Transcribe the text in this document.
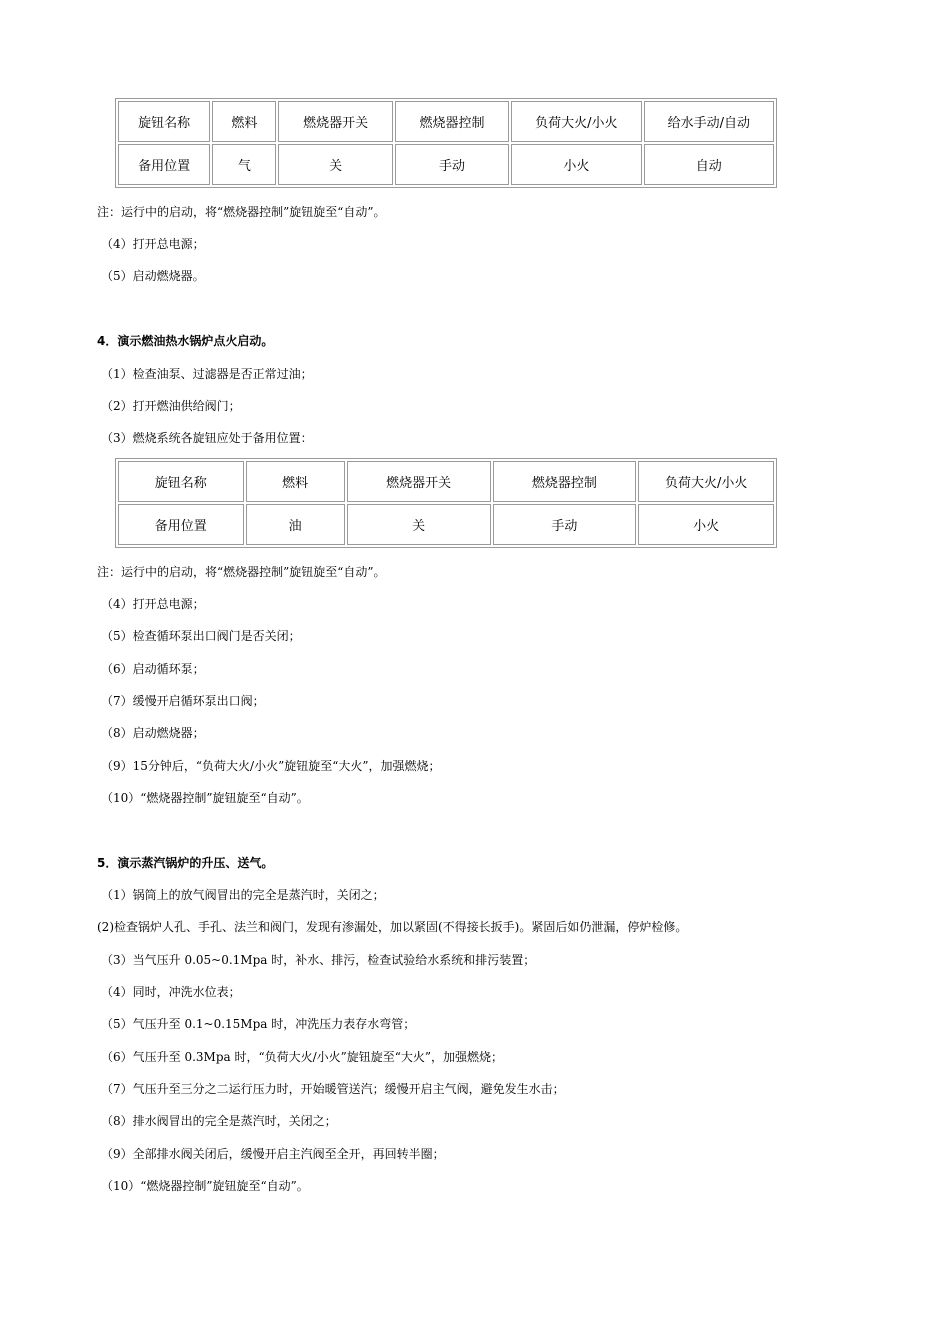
旋钮名称	燃料	燃烧器开关	燃烧器控制	负荷大火/小火	给水手动/自动
备用位置	气	关	手动	小火	自动
注：运行中的启动，将“燃烧器控制”旋钮旋至“自动”。
（4）打开总电源；
（5）启动燃烧器。
4．演示燃油热水锅炉点火启动。
（1）检查油泵、过滤器是否正常过油；
（2）打开燃油供给阀门；
（3）燃烧系统各旋钮应处于备用位置：
旋钮名称	燃料	燃烧器开关	燃烧器控制	负荷大火/小火
备用位置	油	关	手动	小火
注：运行中的启动，将“燃烧器控制”旋钮旋至“自动”。
（4）打开总电源；
（5）检查循环泵出口阀门是否关闭；
（6）启动循环泵；
（7）缓慢开启循环泵出口阀；
（8）启动燃烧器；
（9）15分钟后，“负荷大火/小火”旋钮旋至“大火”，加强燃烧；
（10）“燃烧器控制”旋钮旋至“自动”。
5．演示蒸汽锅炉的升压、送气。
（1）锅筒上的放气阀冒出的完全是蒸汽时，关闭之；
(2)检查锅炉人孔、手孔、法兰和阀门，发现有渗漏处，加以紧固(不得接长扳手)。紧固后如仍泄漏，停炉检修。
（3）当气压升 0.05~0.1Mpa 时，补水、排污，检查试验给水系统和排污装置；
（4）同时，冲洗水位表；
（5）气压升至 0.1~0.15Mpa 时，冲洗压力表存水弯管；
（6）气压升至 0.3Mpa 时，“负荷大火/小火”旋钮旋至“大火”，加强燃烧；
（7）气压升至三分之二运行压力时，开始暖管送汽；缓慢开启主气阀，避免发生水击；
（8）排水阀冒出的完全是蒸汽时，关闭之；
（9）全部排水阀关闭后，缓慢开启主汽阀至全开，再回转半圈；
（10）“燃烧器控制”旋钮旋至“自动”。
